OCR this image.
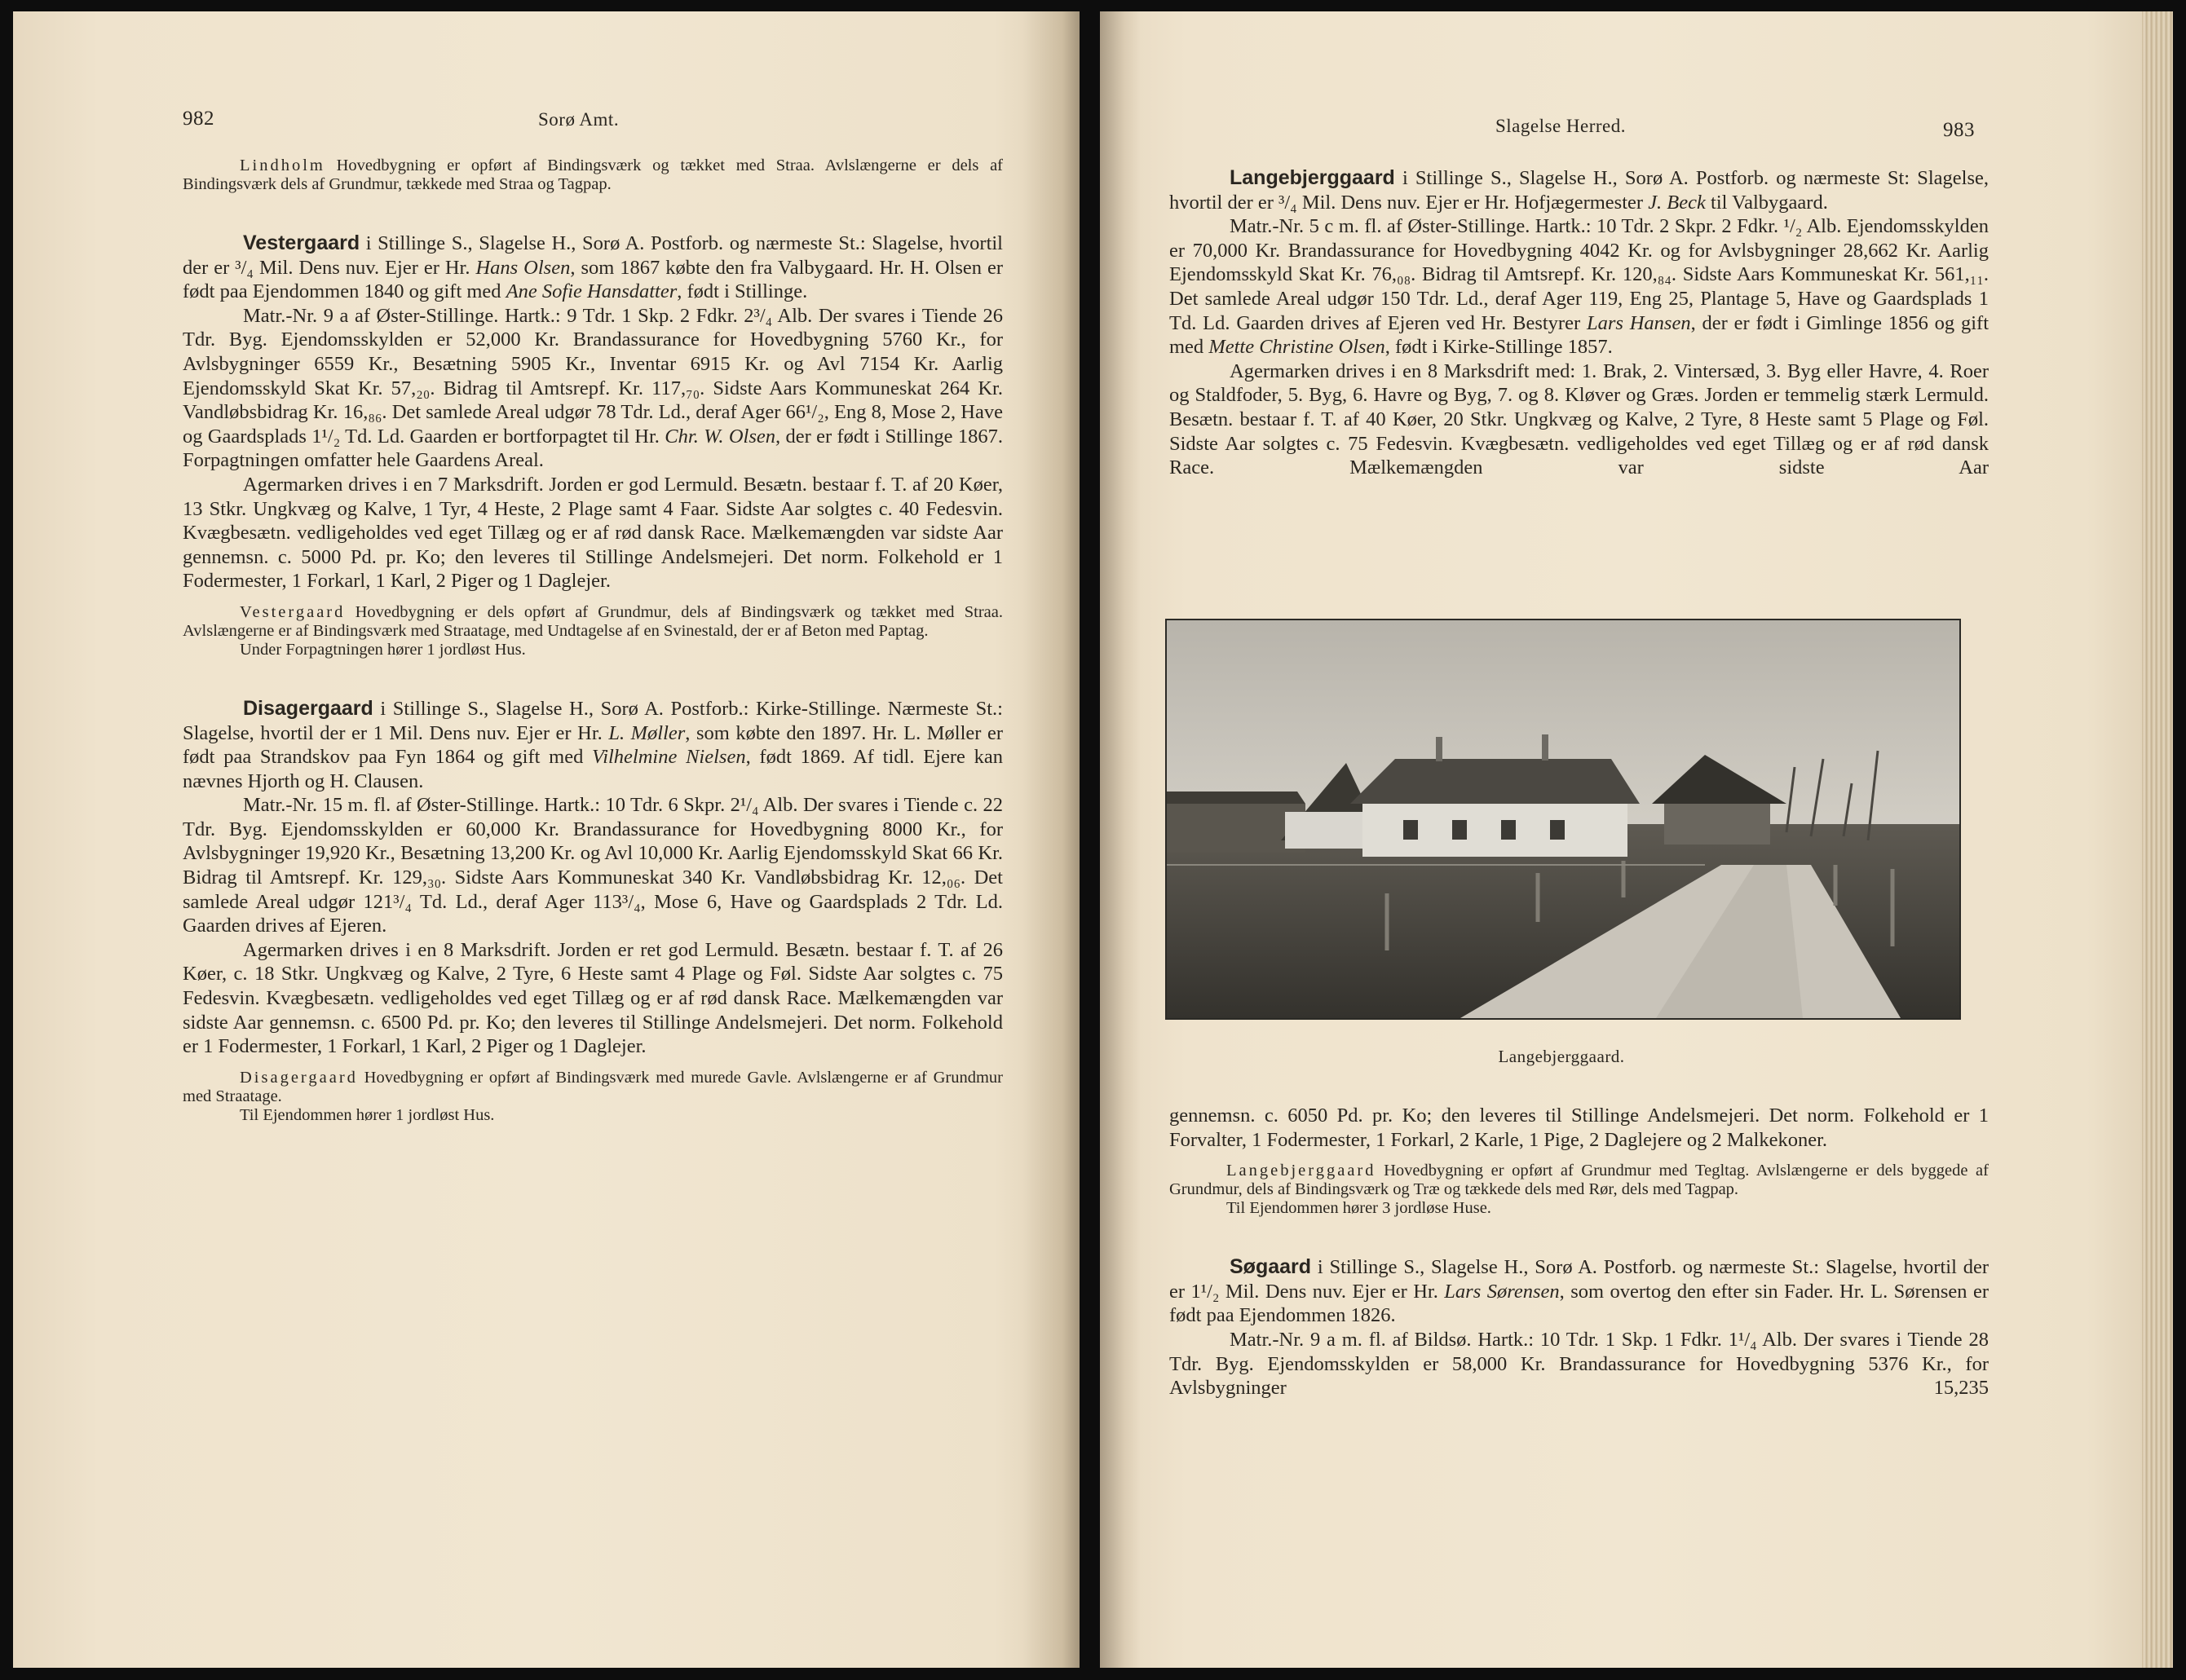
982	Sorø Amt.

Lindholm Hovedbygning er opført af Bindingsværk og tækket med Straa. Avlslængerne er dels af Bindingsværk dels af Grundmur, tækkede med Straa og Tagpap.

Vestergaard i Stillinge S., Slagelse H., Sorø A. Postforb. og nærmeste St.: Slagelse, hvortil der er ³/₄ Mil. Dens nuv. Ejer er Hr. Hans Olsen, som 1867 købte den fra Valbygaard. Hr. H. Olsen er født paa Ejendommen 1840 og gift med Ane Sofie Hansdatter, født i Stillinge.

Matr.-Nr. 9 a af Øster-Stillinge. Hartk.: 9 Tdr. 1 Skp. 2 Fdkr. 2³/₄ Alb. Der svares i Tiende 26 Tdr. Byg. Ejendomsskylden er 52,000 Kr. Brandassurance for Hovedbygning 5760 Kr., for Avlsbygninger 6559 Kr., Besætning 5905 Kr., Inventar 6915 Kr. og Avl 7154 Kr. Aarlig Ejendomsskyld Skat Kr. 57,₂₀. Bidrag til Amtsrepf. Kr. 117,₇₀. Sidste Aars Kommuneskat 264 Kr. Vandløbsbidrag Kr. 16,₈₆. Det samlede Areal udgør 78 Tdr. Ld., deraf Ager 66¹/₂, Eng 8, Mose 2, Have og Gaardsplads 1¹/₂ Td. Ld. Gaarden er bortforpagtet til Hr. Chr. W. Olsen, der er født i Stillinge 1867. Forpagtningen omfatter hele Gaardens Areal.

Agermarken drives i en 7 Marksdrift. Jorden er god Lermuld. Besætn. bestaar f. T. af 20 Køer, 13 Stkr. Ungkvæg og Kalve, 1 Tyr, 4 Heste, 2 Plage samt 4 Faar. Sidste Aar solgtes c. 40 Fedesvin. Kvægbesætn. vedligeholdes ved eget Tillæg og er af rød dansk Race. Mælkemængden var sidste Aar gennemsn. c. 5000 Pd. pr. Ko; den leveres til Stillinge Andelsmejeri. Det norm. Folkehold er 1 Fodermester, 1 Forkarl, 1 Karl, 2 Piger og 1 Daglejer.

Vestergaard Hovedbygning er dels opført af Grundmur, dels af Bindingsværk og tækket med Straa. Avlslængerne er af Bindingsværk med Straatage, med Undtagelse af en Svinestald, der er af Beton med Paptag.

Under Forpagtningen hører 1 jordløst Hus.

Disagergaard i Stillinge S., Slagelse H., Sorø A. Postforb.: Kirke-Stillinge. Nærmeste St.: Slagelse, hvortil der er 1 Mil. Dens nuv. Ejer er Hr. L. Møller, som købte den 1897. Hr. L. Møller er født paa Strandskov paa Fyn 1864 og gift med Vilhelmine Nielsen, født 1869. Af tidl. Ejere kan nævnes Hjorth og H. Clausen.

Matr.-Nr. 15 m. fl. af Øster-Stillinge. Hartk.: 10 Tdr. 6 Skpr. 2¹/₄ Alb. Der svares i Tiende c. 22 Tdr. Byg. Ejendomsskylden er 60,000 Kr. Brandassurance for Hovedbygning 8000 Kr., for Avlsbygninger 19,920 Kr., Besætning 13,200 Kr. og Avl 10,000 Kr. Aarlig Ejendomsskyld Skat 66 Kr. Bidrag til Amtsrepf. Kr. 129,₃₀. Sidste Aars Kommuneskat 340 Kr. Vandløbsbidrag Kr. 12,₀₆. Det samlede Areal udgør 121³/₄ Td. Ld., deraf Ager 113³/₄, Mose 6, Have og Gaardsplads 2 Tdr. Ld. Gaarden drives af Ejeren.

Agermarken drives i en 8 Marksdrift. Jorden er ret god Lermuld. Besætn. bestaar f. T. af 26 Køer, c. 18 Stkr. Ungkvæg og Kalve, 2 Tyre, 6 Heste samt 4 Plage og Føl. Sidste Aar solgtes c. 75 Fedesvin. Kvægbesætn. vedligeholdes ved eget Tillæg og er af rød dansk Race. Mælkemængden var sidste Aar gennemsn. c. 6500 Pd. pr. Ko; den leveres til Stillinge Andelsmejeri. Det norm. Folkehold er 1 Fodermester, 1 Forkarl, 1 Karl, 2 Piger og 1 Daglejer.

Disagergaard Hovedbygning er opført af Bindingsværk med murede Gavle. Avlslængerne er af Grundmur med Straatage.

Til Ejendommen hører 1 jordløst Hus.

Slagelse Herred.	983

Langebjerggaard i Stillinge S., Slagelse H., Sorø A. Postforb. og nærmeste St: Slagelse, hvortil der er ³/₄ Mil. Dens nuv. Ejer er Hr. Hofjægermester J. Beck til Valbygaard.

Matr.-Nr. 5 c m. fl. af Øster-Stillinge. Hartk.: 10 Tdr. 2 Skpr. 2 Fdkr. ¹/₂ Alb. Ejendomsskylden er 70,000 Kr. Brandassurance for Hovedbygning 4042 Kr. og for Avlsbygninger 28,662 Kr. Aarlig Ejendomsskyld Skat Kr. 76,₀₈. Bidrag til Amtsrepf. Kr. 120,₈₄. Sidste Aars Kommuneskat Kr. 561,₁₁. Det samlede Areal udgør 150 Tdr. Ld., deraf Ager 119, Eng 25, Plantage 5, Have og Gaardsplads 1 Td. Ld. Gaarden drives af Ejeren ved Hr. Bestyrer Lars Hansen, der er født i Gimlinge 1856 og gift med Mette Christine Olsen, født i Kirke-Stillinge 1857.

Agermarken drives i en 8 Marksdrift med: 1. Brak, 2. Vintersæd, 3. Byg eller Havre, 4. Roer og Staldfoder, 5. Byg, 6. Havre og Byg, 7. og 8. Kløver og Græs. Jorden er temmelig stærk Lermuld. Besætn. bestaar f. T. af 40 Køer, 20 Stkr. Ungkvæg og Kalve, 2 Tyre, 8 Heste samt 5 Plage og Føl. Sidste Aar solgtes c. 75 Fedesvin. Kvægbesætn. vedligeholdes ved eget Tillæg og er af rød dansk Race. Mælkemængden var sidste Aar

Langebjerggaard.

gennemsn. c. 6050 Pd. pr. Ko; den leveres til Stillinge Andelsmejeri. Det norm. Folkehold er 1 Forvalter, 1 Fodermester, 1 Forkarl, 2 Karle, 1 Pige, 2 Daglejere og 2 Malkekoner.

Langebjerggaard Hovedbygning er opført af Grundmur med Tegltag. Avlslængerne er dels byggede af Grundmur, dels af Bindingsværk og Træ og tækkede dels med Rør, dels med Tagpap.

Til Ejendommen hører 3 jordløse Huse.

Søgaard i Stillinge S., Slagelse H., Sorø A. Postforb. og nærmeste St.: Slagelse, hvortil der er 1¹/₂ Mil. Dens nuv. Ejer er Hr. Lars Sørensen, som overtog den efter sin Fader. Hr. L. Sørensen er født paa Ejendommen 1826.

Matr.-Nr. 9 a m. fl. af Bildsø. Hartk.: 10 Tdr. 1 Skp. 1 Fdkr. 1¹/₄ Alb. Der svares i Tiende 28 Tdr. Byg. Ejendomsskylden er 58,000 Kr. Brandassurance for Hovedbygning 5376 Kr., for Avlsbygninger 15,235
